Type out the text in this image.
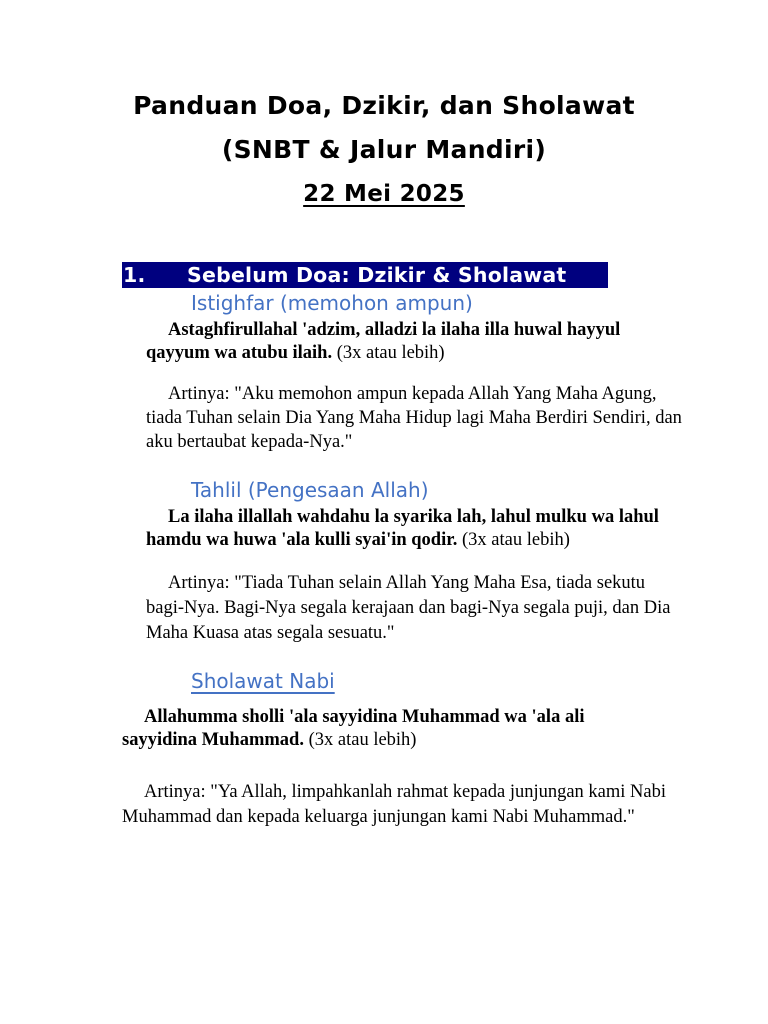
Panduan Doa, Dzikir, dan Sholawat
(SNBT & Jalur Mandiri)
22 Mei 2025
1. Sebelum Doa: Dzikir & Sholawat
Istighfar (memohon ampun)
Astaghfirullahal 'adzim, alladzi la ilaha illa huwal hayyul qayyum wa atubu ilaih. (3x atau lebih)
Artinya: "Aku memohon ampun kepada Allah Yang Maha Agung, tiada Tuhan selain Dia Yang Maha Hidup lagi Maha Berdiri Sendiri, dan aku bertaubat kepada-Nya."
Tahlil (Pengesaan Allah)
La ilaha illallah wahdahu la syarika lah, lahul mulku wa lahul hamdu wa huwa 'ala kulli syai'in qodir. (3x atau lebih)
Artinya: "Tiada Tuhan selain Allah Yang Maha Esa, tiada sekutu bagi-Nya. Bagi-Nya segala kerajaan dan bagi-Nya segala puji, dan Dia Maha Kuasa atas segala sesuatu."
Sholawat Nabi
Allahumma sholli 'ala sayyidina Muhammad wa 'ala ali sayyidina Muhammad. (3x atau lebih)
Artinya: "Ya Allah, limpahkanlah rahmat kepada junjungan kami Nabi Muhammad dan kepada keluarga junjungan kami Nabi Muhammad."
